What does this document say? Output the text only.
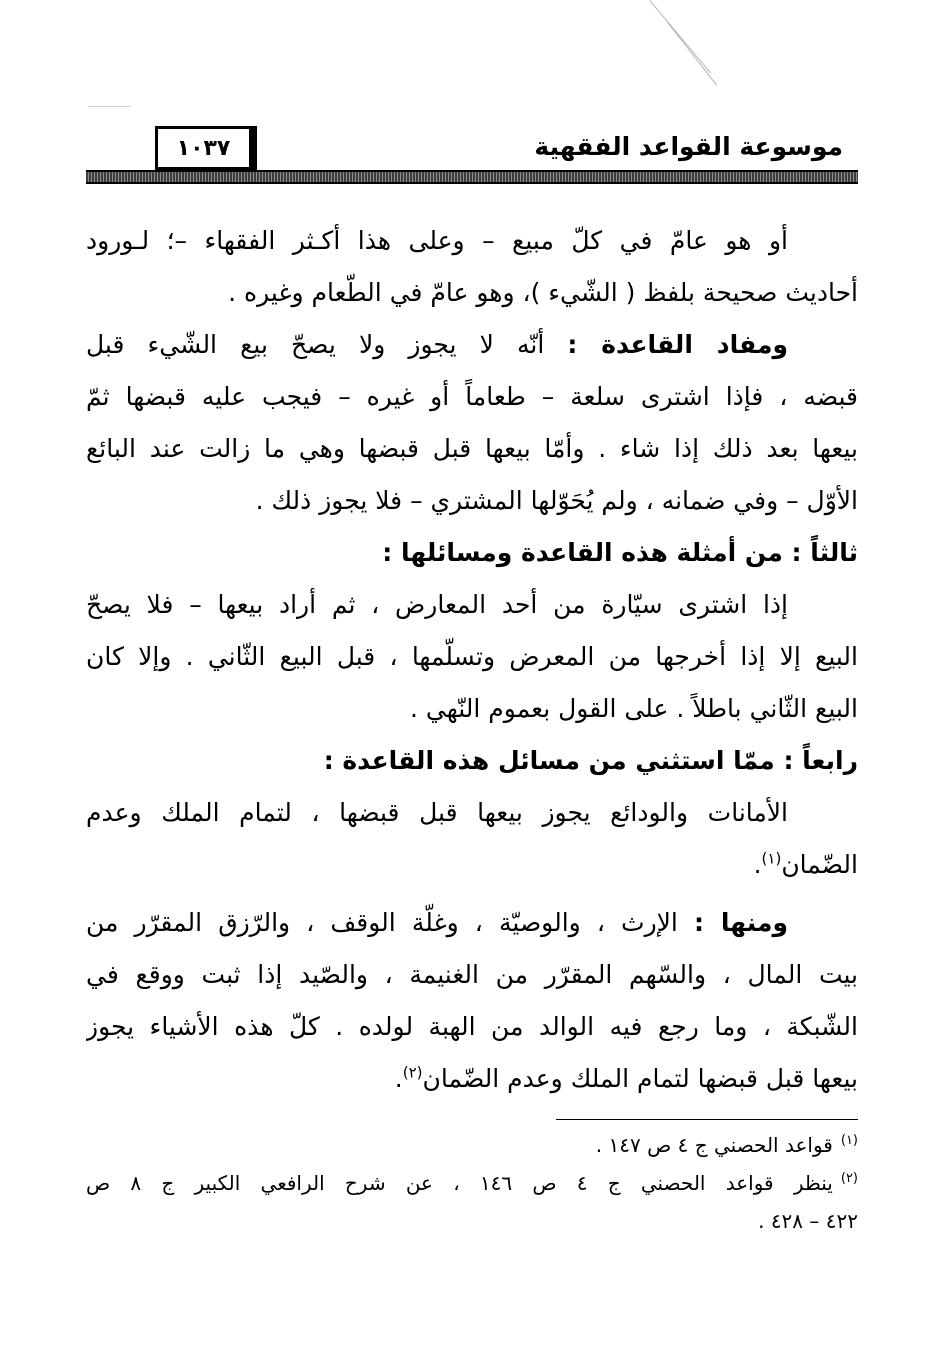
موسوعة القواعد الفقهية
١٠٣٧
أو هو عامّ في كلّ مبيع – وعلى هذا أكـثر الفقهاء –؛ لـورود
أحاديث صحيحة بلفظ ( الشّيء )، وهو عامّ في الطّعام وغيره .
ومفاد القاعدة : أنّه لا يجوز ولا يصحّ بيع الشّيء قبل
قبضه ، فإذا اشترى سلعة – طعاماً أو غيره – فيجب عليه قبضها ثمّ
بيعها بعد ذلك إذا شاء . وأمّا بيعها قبل قبضها وهي ما زالت عند البائع
الأوّل – وفي ضمانه ، ولم يُحَوّلها المشتري – فلا يجوز ذلك .
ثالثاً : من أمثلة هذه القاعدة ومسائلها :
إذا اشترى سيّارة من أحد المعارض ، ثم أراد بيعها – فلا يصحّ
البيع إلا إذا أخرجها من المعرض وتسلّمها ، قبل البيع الثّاني . وإلا كان
البيع الثّاني باطلاً . على القول بعموم النّهي .
رابعاً : ممّا استثني من مسائل هذه القاعدة :
الأمانات والودائع يجوز بيعها قبل قبضها ، لتمام الملك وعدم
الضّمان$^{(١)}$.
ومنها : الإرث ، والوصيّة ، وغلّة الوقف ، والرّزق المقرّر من
بيت المال ، والسّهم المقرّر من الغنيمة ، والصّيد إذا ثبت ووقع في
الشّبكة ، وما رجع فيه الوالد من الهبة لولده . كلّ هذه الأشياء يجوز
بيعها قبل قبضها لتمام الملك وعدم الضّمان$^{(٢)}$.
$^{(١)}$قواعد الحصني ج ٤ ص ١٤٧ .
$^{(٢)}$ينظر قواعد الحصني ج ٤ ص ١٤٦ ، عن شرح الرافعي الكبير ج ٨ ص
٤٢٢ – ٤٢٨ .
